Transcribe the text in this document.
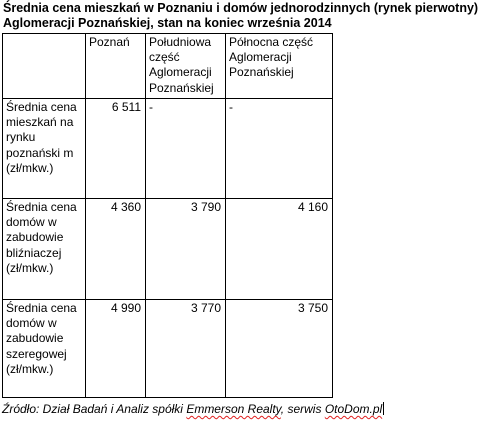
Średnia cena mieszkań w Poznaniu i domów jednorodzinnych (rynek pierwotny) Aglomeracji Poznańskiej, stan na koniec września 2014
	Poznań	Południowa część Aglomeracji Poznańskiej	Północna część Aglomeracji Poznańskiej
Średnia cena mieszkań na rynku poznański m (zł/mkw.)	6 511	-	-
Średnia cena domów w zabudowie bliźniaczej (zł/mkw.)	4 360	3 790	4 160
Średnia cena domów w zabudowie szeregowej (zł/mkw.)	4 990	3 770	3 750
Źródło: Dział Badań i Analiz spółki Emmerson Realty, serwis OtoDom.pl
